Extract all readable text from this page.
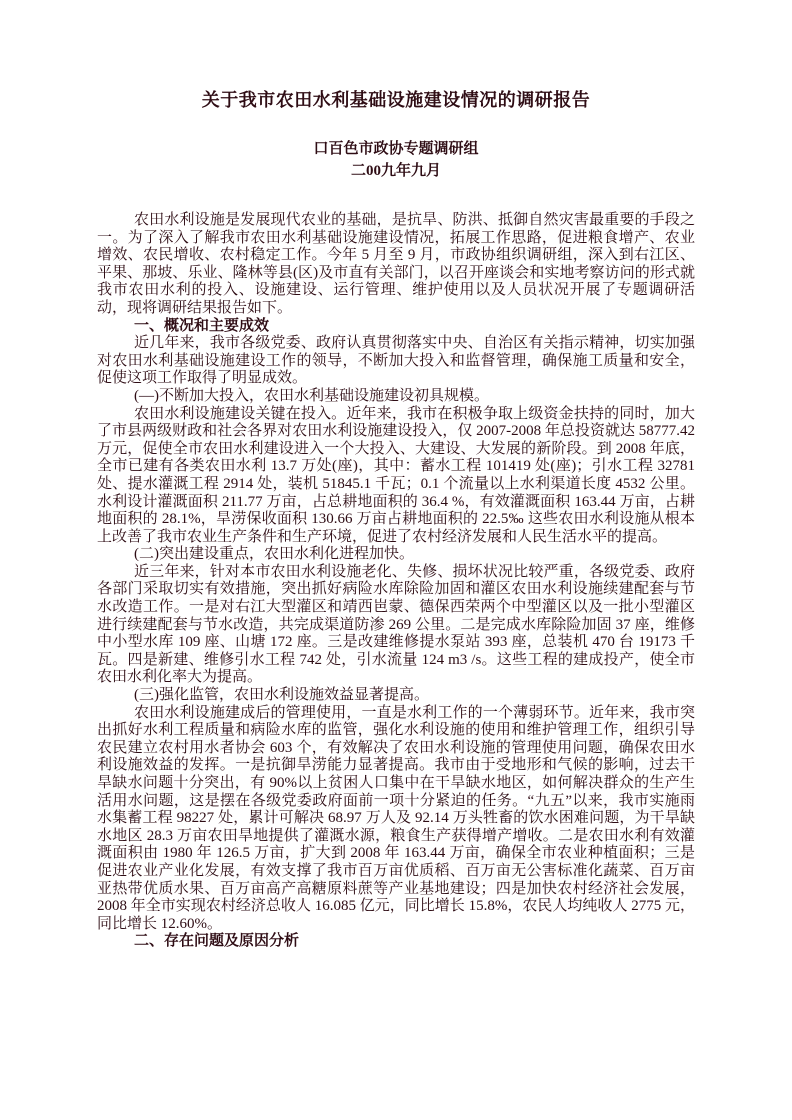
关于我市农田水利基础设施建设情况的调研报告
口百色市政协专题调研组
二00九年九月

农田水利设施是发展现代农业的基础，是抗旱、防洪、抵御自然灾害最重要的手段之一。为了深入了解我市农田水利基础设施建设情况，拓展工作思路，促进粮食增产、农业增效、农民增收、农村稳定工作。今年 5 月至 9 月，市政协组织调研组，深入到右江区、平果、那坡、乐业、隆林等县(区)及市直有关部门，以召开座谈会和实地考察访问的形式就我市农田水利的投入、设施建设、运行管理、维护使用以及人员状况开展了专题调研活动，现将调研结果报告如下。

一、概况和主要成效

近几年来，我市各级党委、政府认真贯彻落实中央、自治区有关指示精神，切实加强对农田水利基础设施建设工作的领导，不断加大投入和监督管理，确保施工质量和安全，促使这项工作取得了明显成效。

(—)不断加大投入，农田水利基础设施建设初具规模。

农田水利设施建设关键在投入。近年来，我市在积极争取上级资金扶持的同时，加大了市县两级财政和社会各界对农田水利设施建设投入，仅 2007-2008 年总投资就达 58777.42 万元，促使全市农田水利建设进入一个大投入、大建设、大发展的新阶段。到 2008 年底，全市已建有各类农田水利 13.7 万处(座)，其中：蓄水工程 101419 处(座)；引水工程 32781 处、提水灌溉工程 2914 处，装机 51845.1 千瓦；0.1 个流量以上水利渠道长度 4532 公里。水利设计灌溉面积 211.77 万亩，占总耕地面积的 36.4 %，有效灌溉面积 163.44 万亩，占耕地面积的 28.1%，旱涝保收面积 130.66 万亩占耕地面积的 22.5‰ 这些农田水利设施从根本上改善了我市农业生产条件和生产环境，促进了农村经济发展和人民生活水平的提高。

(二)突出建设重点，农田水利化进程加快。

近三年来，针对本市农田水利设施老化、失修、损坏状况比较严重，各级党委、政府各部门采取切实有效措施，突出抓好病险水库除险加固和灌区农田水利设施续建配套与节水改造工作。一是对右江大型灌区和靖西岜蒙、德保西荣两个中型灌区以及一批小型灌区进行续建配套与节水改造，共完成渠道防渗 269 公里。二是完成水库除险加固 37 座，维修中小型水库 109 座、山塘 172 座。三是改建维修提水泵站 393 座，总装机 470 台 19173 千瓦。四是新建、维修引水工程 742 处，引水流量 124 m3 /s。这些工程的建成投产，使全市农田水利化率大为提高。

(三)强化监管，农田水利设施效益显著提高。

农田水利设施建成后的管理使用，一直是水利工作的一个薄弱环节。近年来，我市突出抓好水利工程质量和病险水库的监管，强化水利设施的使用和维护管理工作，组织引导农民建立农村用水者协会 603 个，有效解决了农田水利设施的管理使用问题，确保农田水利设施效益的发挥。一是抗御旱涝能力显著提高。我市由于受地形和气候的影响，过去干旱缺水问题十分突出，有 90%以上贫困人口集中在干旱缺水地区，如何解决群众的生产生活用水问题，这是摆在各级党委政府面前一项十分紧迫的任务。“九五”以来，我市实施雨水集蓄工程 98227 处，累计可解决 68.97 万人及 92.14 万头牲畜的饮水困难问题，为干旱缺水地区 28.3 万亩农田旱地提供了灌溉水源，粮食生产获得增产增收。二是农田水利有效灌溉面积由 1980 年 126.5 万亩，扩大到 2008 年 163.44 万亩，确保全市农业种植面积；三是促进农业产业化发展，有效支撑了我市百万亩优质稻、百万亩无公害标准化蔬菜、百万亩亚热带优质水果、百万亩高产高糖原料蔗等产业基地建设；四是加快农村经济社会发展，2008 年全市实现农村经济总收人 16.085 亿元，同比增长 15.8%，农民人均纯收人 2775 元，同比增长 12.60%。

二、存在问题及原因分析
